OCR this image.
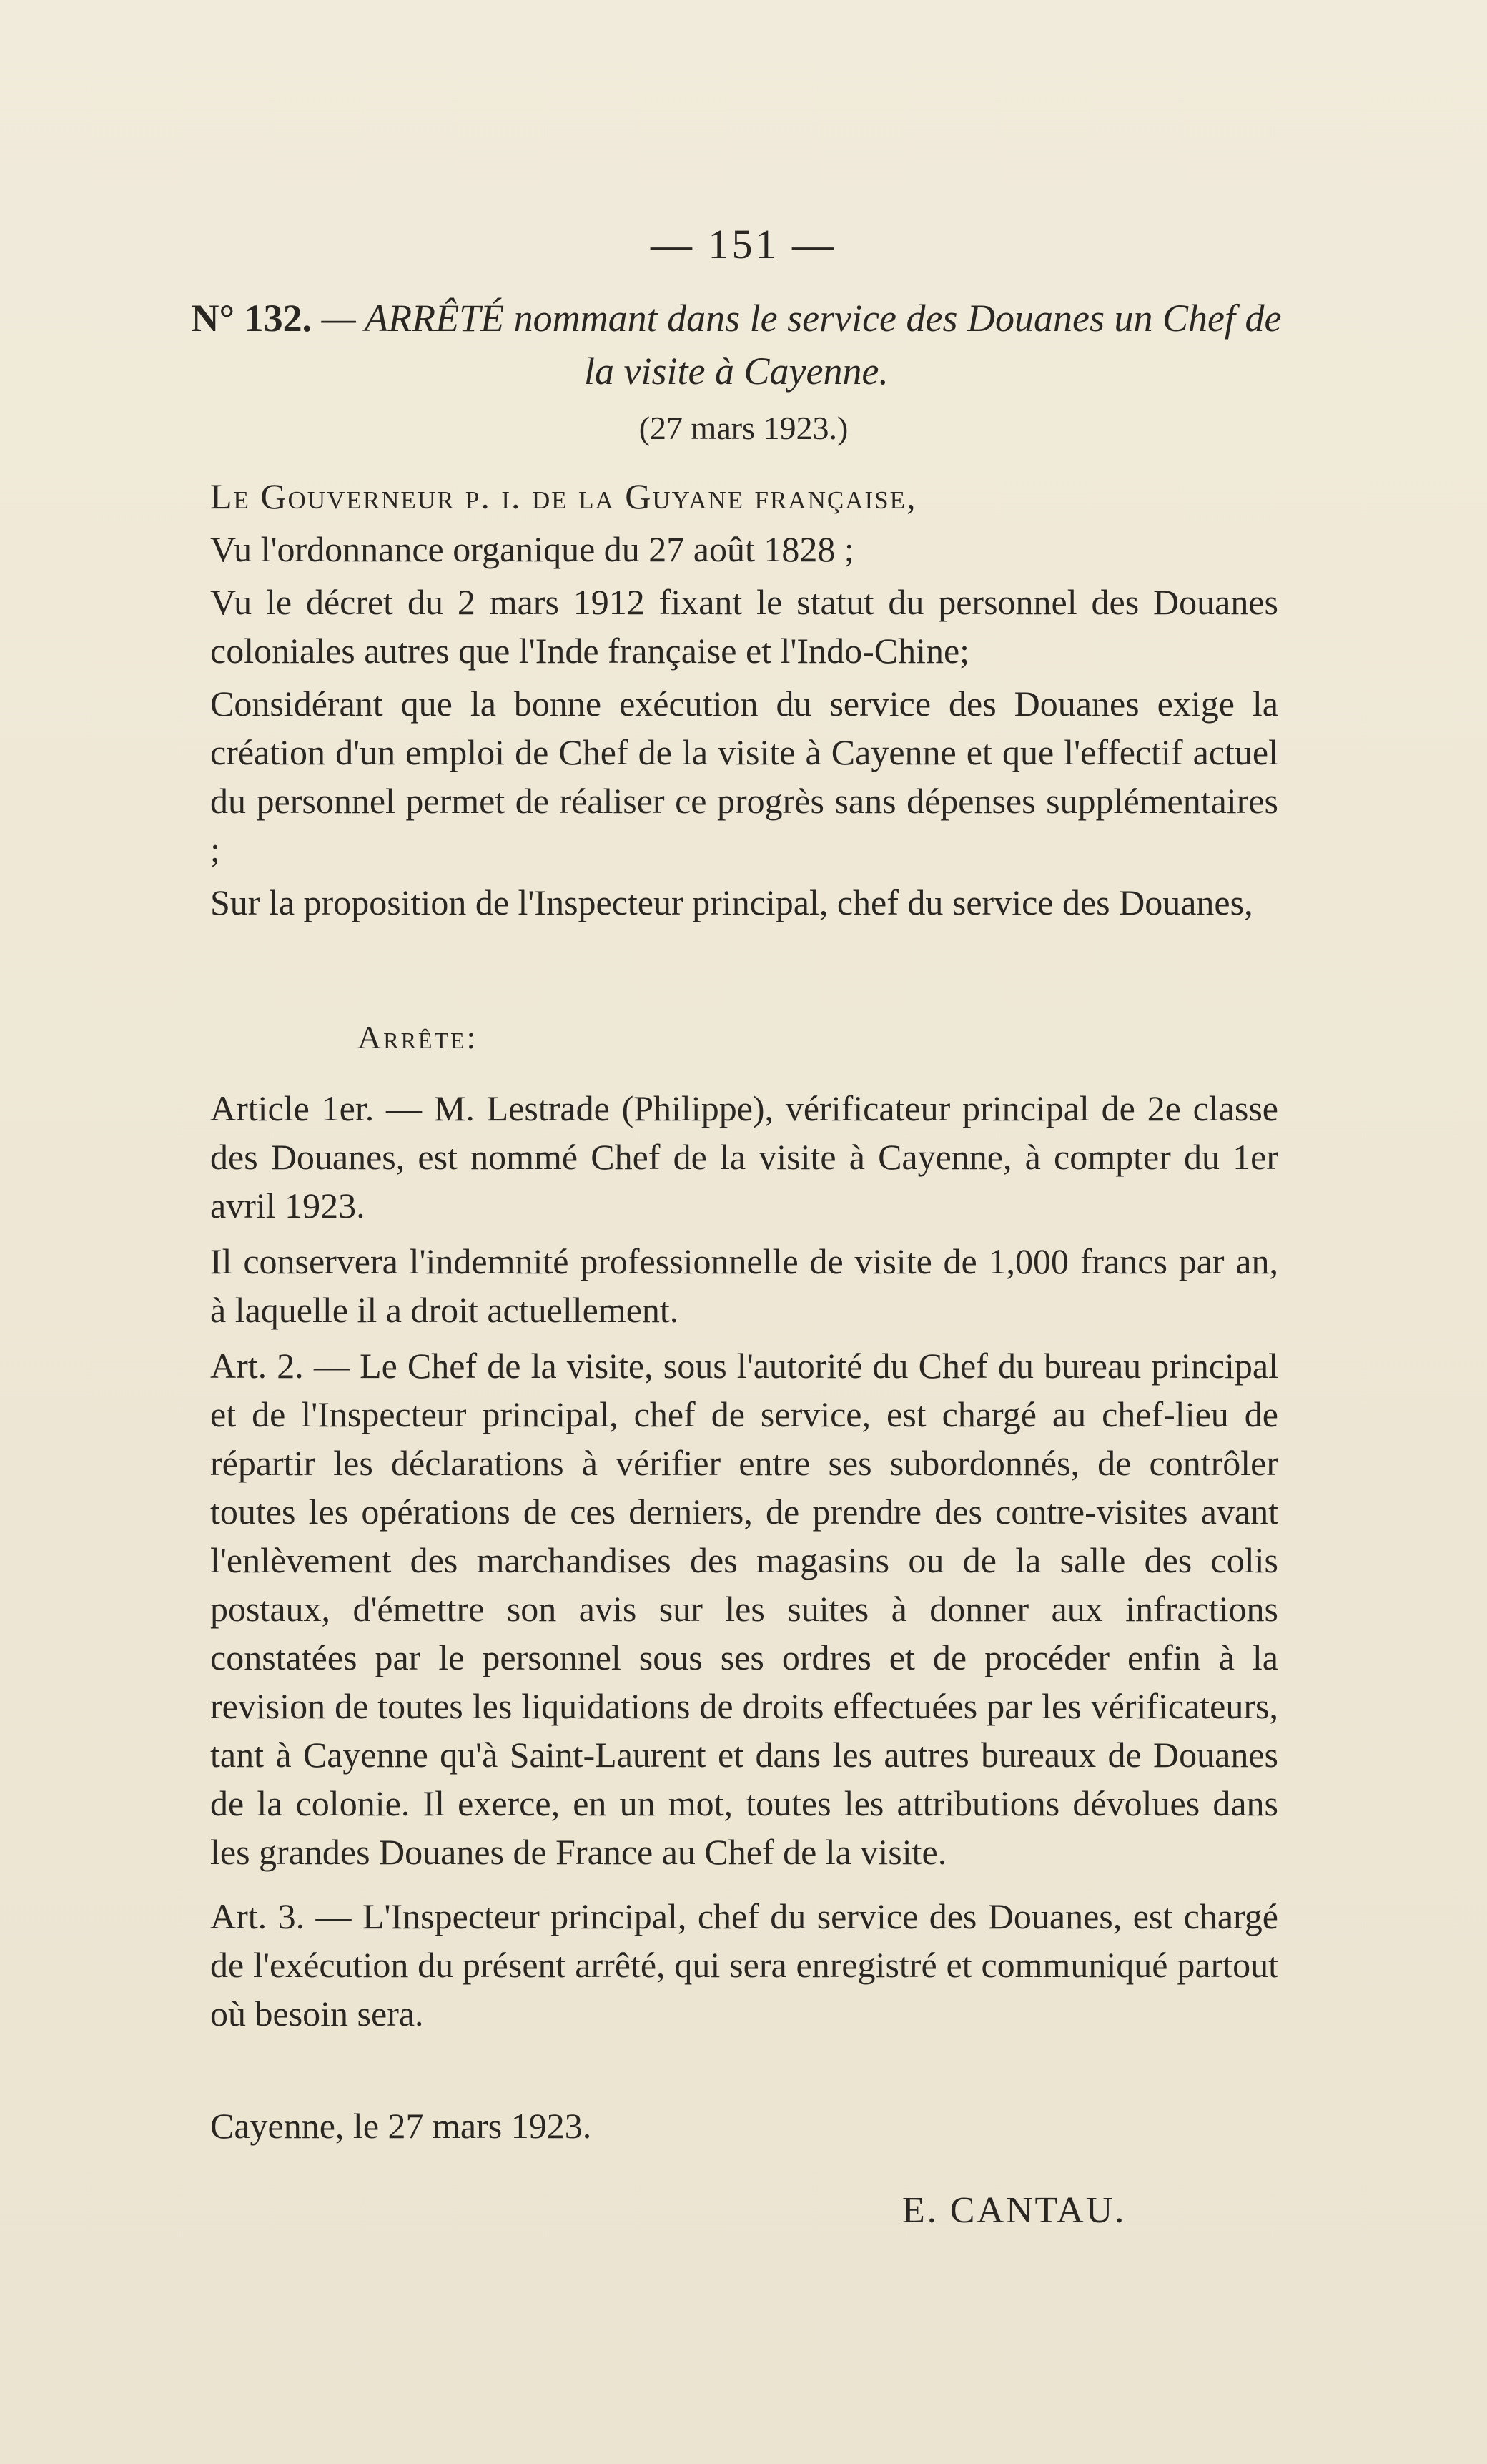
— 151 —
N° 132. — ARRÊTÉ nommant dans le service des Douanes un Chef de la visite à Cayenne.
(27 mars 1923.)

Le Gouverneur p. i. de la Guyane française,

Vu l'ordonnance organique du 27 août 1828 ;

Vu le décret du 2 mars 1912 fixant le statut du personnel des Douanes coloniales autres que l'Inde française et l'Indo-Chine;

Considérant que la bonne exécution du service des Douanes exige la création d'un emploi de Chef de la visite à Cayenne et que l'effectif actuel du personnel permet de réaliser ce progrès sans dépenses supplémentaires ;

Sur la proposition de l'Inspecteur principal, chef du service des Douanes,

Arrête:

Article 1er. — M. Lestrade (Philippe), vérificateur principal de 2e classe des Douanes, est nommé Chef de la visite à Cayenne, à compter du 1er avril 1923.

Il conservera l'indemnité professionnelle de visite de 1,000 francs par an, à laquelle il a droit actuellement.

Art. 2. — Le Chef de la visite, sous l'autorité du Chef du bureau principal et de l'Inspecteur principal, chef de service, est chargé au chef-lieu de répartir les déclarations à vérifier entre ses subordonnés, de contrôler toutes les opérations de ces derniers, de prendre des contre-visites avant l'enlèvement des marchandises des magasins ou de la salle des colis postaux, d'émettre son avis sur les suites à donner aux infractions constatées par le personnel sous ses ordres et de procéder enfin à la revision de toutes les liquidations de droits effectuées par les vérificateurs, tant à Cayenne qu'à Saint-Laurent et dans les autres bureaux de Douanes de la colonie. Il exerce, en un mot, toutes les attributions dévolues dans les grandes Douanes de France au Chef de la visite.

Art. 3. — L'Inspecteur principal, chef du service des Douanes, est chargé de l'exécution du présent arrêté, qui sera enregistré et communiqué partout où besoin sera.

Cayenne, le 27 mars 1923.
E. CANTAU.
